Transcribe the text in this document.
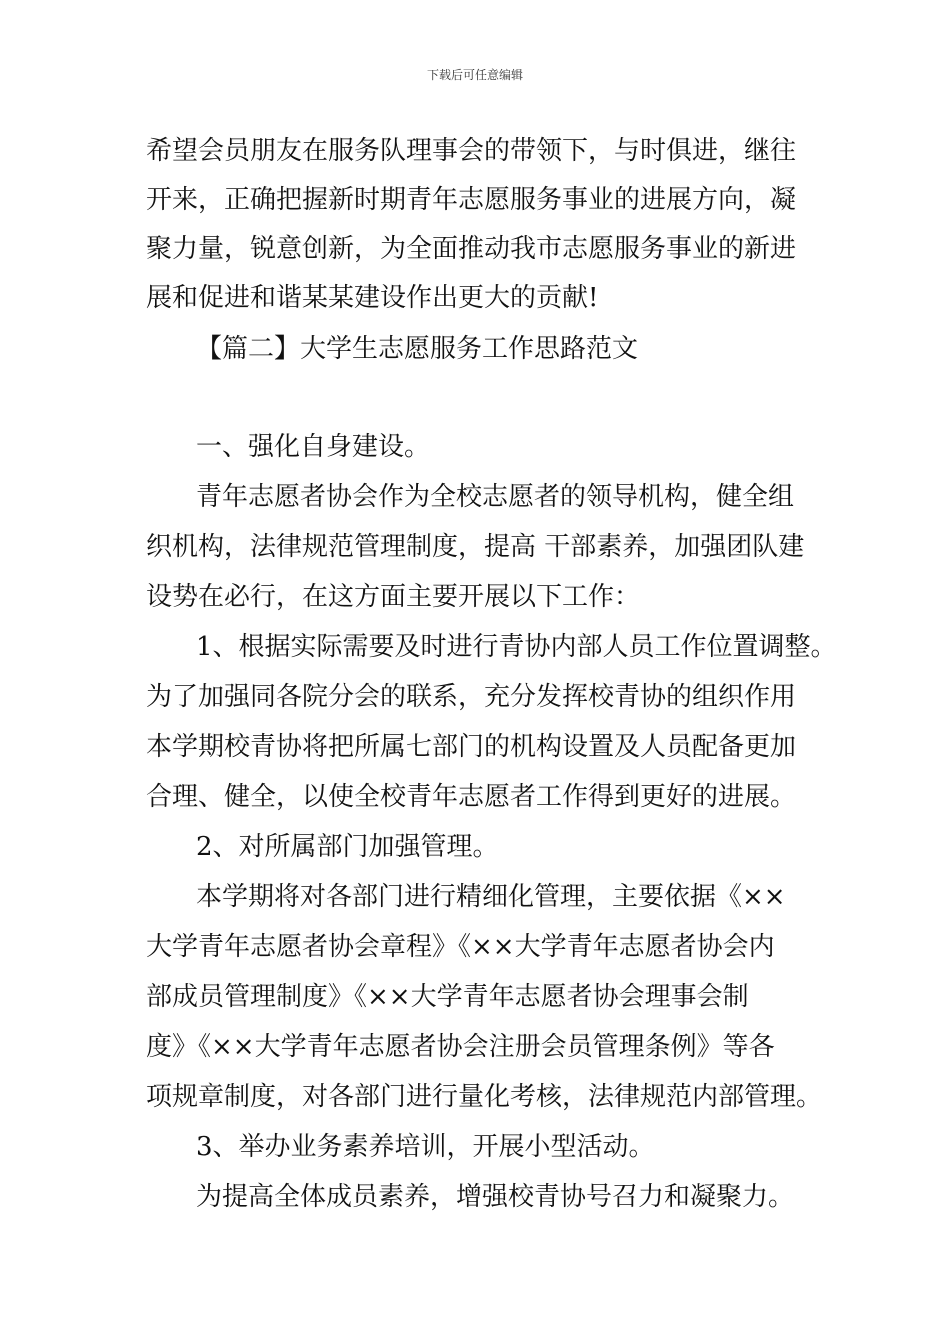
下载后可任意编辑
希望会员朋友在服务队理事会的带领下，与时俱进，继往
开来，正确把握新时期青年志愿服务事业的进展方向，凝
聚力量，锐意创新，为全面推动我市志愿服务事业的新进
展和促进和谐某某建设作出更大的贡献!
【篇二】大学生志愿服务工作思路范文
一、强化自身建设。
青年志愿者协会作为全校志愿者的领导机构，健全组
织机构，法律规范管理制度，提高 干部素养，加强团队建
设势在必行，在这方面主要开展以下工作：
1、根据实际需要及时进行青协内部人员工作位置调整。
为了加强同各院分会的联系，充分发挥校青协的组织作用
本学期校青协将把所属七部门的机构设置及人员配备更加
合理、健全，以使全校青年志愿者工作得到更好的进展。
2、对所属部门加强管理。
本学期将对各部门进行精细化管理，主要依据《××
大学青年志愿者协会章程》《××大学青年志愿者协会内
部成员管理制度》《××大学青年志愿者协会理事会制
度》《××大学青年志愿者协会注册会员管理条例》等各
项规章制度，对各部门进行量化考核，法律规范内部管理。
3、举办业务素养培训，开展小型活动。
为提高全体成员素养，增强校青协号召力和凝聚力。
